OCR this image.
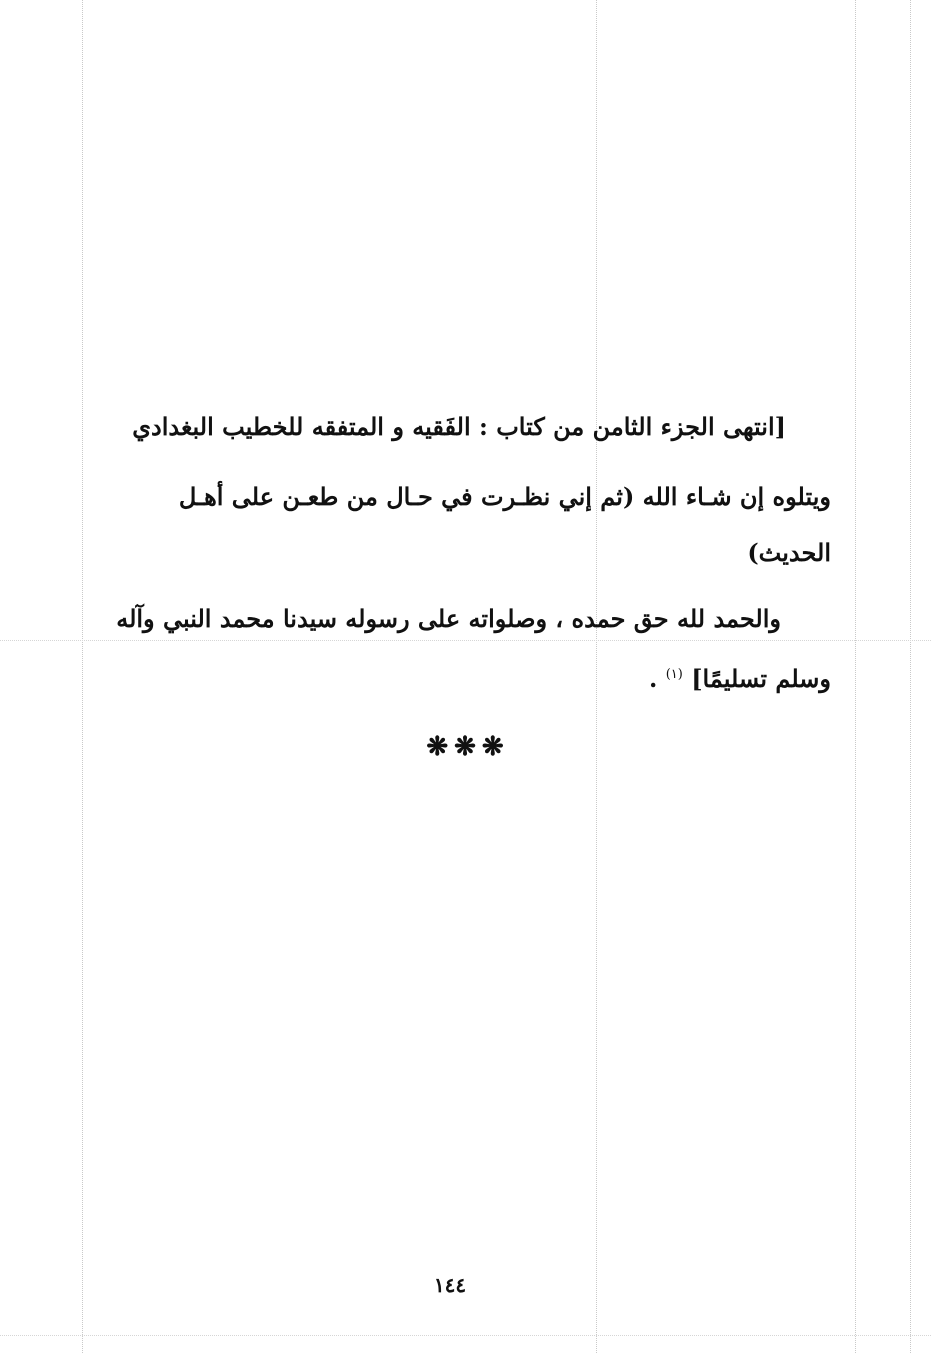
[انتهى الجزء الثامن من كتاب : الفَقيه و المتفقه للخطيب البغدادي
ويتلوه إن شـاء الله (ثم إني نظـرت في حـال من طعـن على أهـل
الحديث)
والحمد لله حق حمده ، وصلواته على رسوله سيدنا محمد النبي وآله
وسلم تسليمًا] $^{(١)}$ .
❋❋❋
١٤٤
